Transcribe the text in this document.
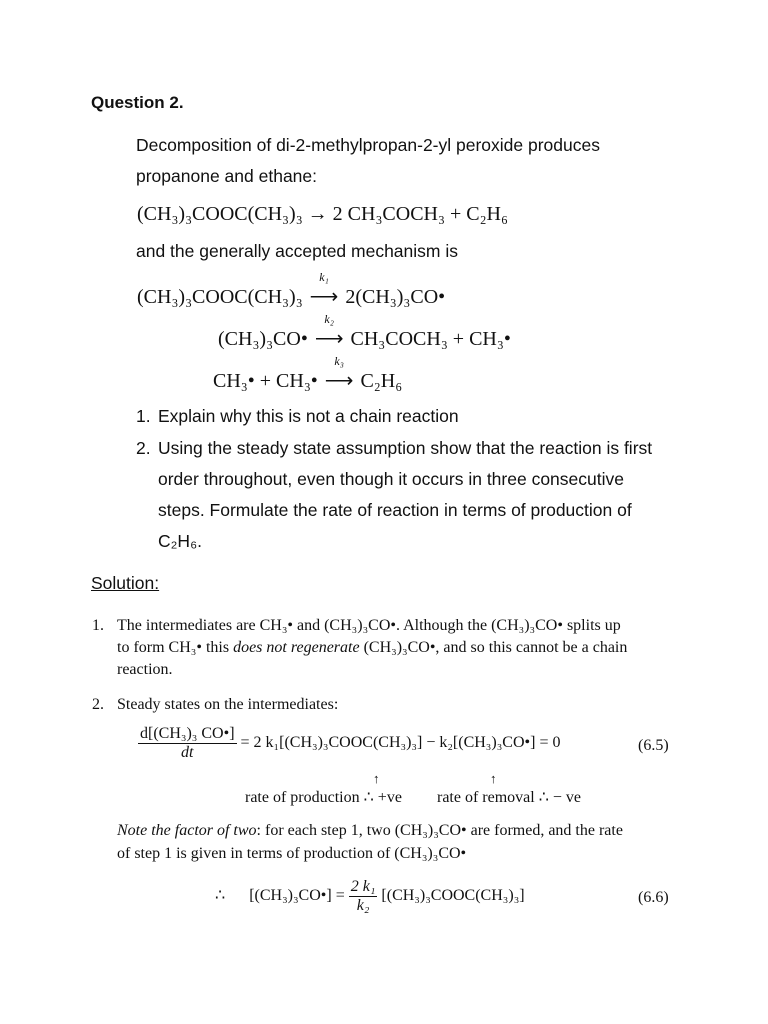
Question 2.
Decomposition of di-2-methylpropan-2-yl peroxide produces
propanone and ethane:
(CH₃)₃COOC(CH₃)₃ → 2 CH₃COCH₃ + C₂H₆
and the generally accepted mechanism is
(CH₃)₃COOC(CH₃)₃
k₁
⟶ 2(CH₃)₃CO•
(CH₃)₃CO•
k₂
⟶ CH₃COCH₃ + CH₃•
CH₃• + CH₃•
k₃
⟶ C₂H₆
1. Explain why this is not a chain reaction
2. Using the steady state assumption show that the reaction is first
order throughout, even though it occurs in three consecutive
steps. Formulate the rate of reaction in terms of production of
C₂H₆.
Solution:
1. The intermediates are CH₃• and (CH₃)₃CO•. Although the (CH₃)₃CO• splits up
to form CH₃• this does not regenerate (CH₃)₃CO•, and so this cannot be a chain
reaction.
2. Steady states on the intermediates:
$\frac{\text{d[(CH₃)₃ CO•]}}{dt} = 2$ k₁[(CH₃)₃COOC(CH₃)₃] − k₂[(CH₃)₃CO•] = 0	(6.5)
↑	↑
rate of production ∴ +ve rate of removal ∴ − ve
Note the factor of two: for each step 1, two (CH₃)₃CO• are formed, and the rate
of step 1 is given in terms of production of (CH₃)₃CO•
∴ [(CH₃)₃CO•] = $\frac{\text{2 k₁}}{\text{k₂}}$ [(CH₃)₃COOC(CH₃)₃]	(6.6)
